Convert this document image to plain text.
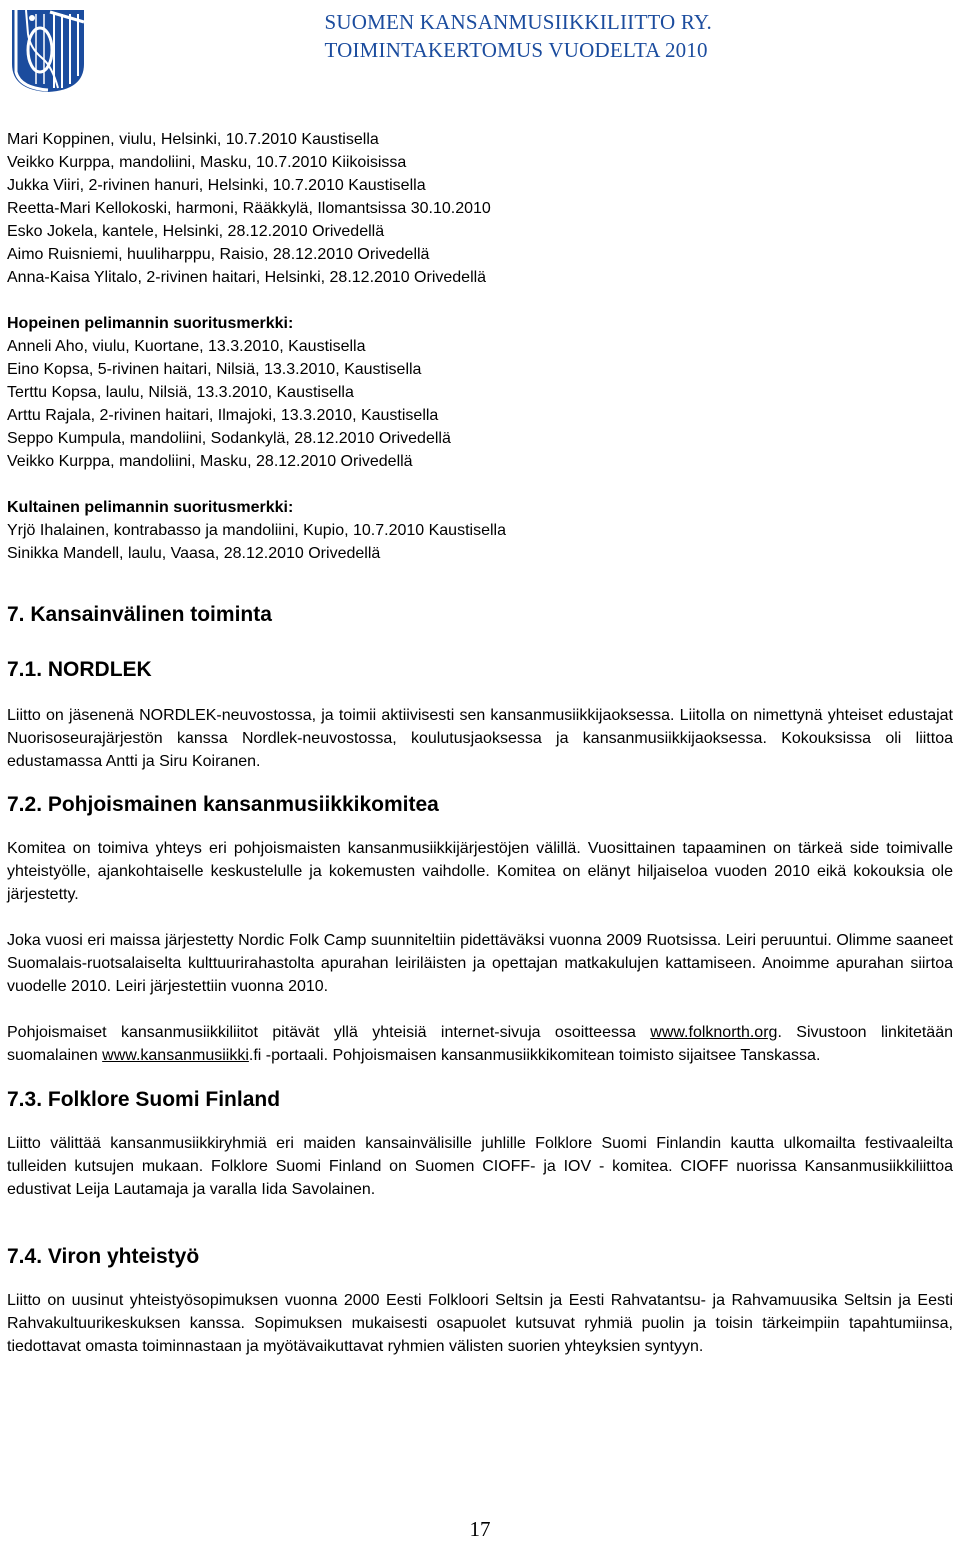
SUOMEN KANSANMUSIIKKILIITTO RY.
TOIMINTAKERTOMUS VUODELTA 2010
Mari Koppinen, viulu, Helsinki, 10.7.2010 Kaustisella
Veikko Kurppa, mandoliini, Masku, 10.7.2010 Kiikoisissa
Jukka Viiri, 2-rivinen hanuri, Helsinki, 10.7.2010 Kaustisella
Reetta-Mari Kellokoski, harmoni, Rääkkylä, Ilomantsissa 30.10.2010
Esko Jokela, kantele, Helsinki, 28.12.2010 Orivedellä
Aimo Ruisniemi, huuliharppu, Raisio, 28.12.2010 Orivedellä
Anna-Kaisa Ylitalo, 2-rivinen haitari, Helsinki, 28.12.2010 Orivedellä
Hopeinen pelimannin suoritusmerkki:
Anneli Aho, viulu, Kuortane, 13.3.2010, Kaustisella
Eino Kopsa, 5-rivinen haitari, Nilsiä, 13.3.2010, Kaustisella
Terttu Kopsa, laulu, Nilsiä, 13.3.2010, Kaustisella
Arttu Rajala, 2-rivinen haitari, Ilmajoki, 13.3.2010, Kaustisella
Seppo Kumpula, mandoliini, Sodankylä, 28.12.2010 Orivedellä
Veikko Kurppa, mandoliini, Masku, 28.12.2010 Orivedellä
Kultainen pelimannin suoritusmerkki:
Yrjö Ihalainen, kontrabasso ja mandoliini, Kupio, 10.7.2010 Kaustisella
Sinikka Mandell, laulu, Vaasa, 28.12.2010 Orivedellä
7. Kansainvälinen toiminta
7.1. NORDLEK

Liitto on jäsenenä NORDLEK-neuvostossa, ja toimii aktiivisesti sen kansanmusiikkijaoksessa. Liitolla on nimettynä yhteiset edustajat Nuorisoseurajärjestön kanssa Nordlek-neuvostossa, koulutusjaoksessa ja kansanmusiikkijaoksessa. Kokouksissa oli liittoa edustamassa Antti ja Siru Koiranen.

7.2. Pohjoismainen kansanmusiikkikomitea

Komitea on toimiva yhteys eri pohjoismaisten kansanmusiikkijärjestöjen välillä. Vuosittainen tapaaminen on tärkeä side toimivalle yhteistyölle, ajankohtaiselle keskustelulle ja kokemusten vaihdolle. Komitea on elänyt hiljaiseloa vuoden 2010 eikä kokouksia ole järjestetty.

Joka vuosi eri maissa järjestetty Nordic Folk Camp suunniteltiin pidettäväksi vuonna 2009 Ruotsissa. Leiri peruuntui. Olimme saaneet Suomalais-ruotsalaiselta kulttuurirahastolta apurahan leiriläisten ja opettajan matkakulujen kattamiseen. Anoimme apurahan siirtoa vuodelle 2010. Leiri järjestettiin vuonna 2010.

Pohjoismaiset kansanmusiikkiliitot pitävät yllä yhteisiä internet-sivuja osoitteessa www.folknorth.org. Sivustoon linkitetään suomalainen www.kansanmusiikki.fi -portaali. Pohjoismaisen kansanmusiikkikomitean toimisto sijaitsee Tanskassa.

7.3. Folklore Suomi Finland

Liitto välittää kansanmusiikkiryhmiä eri maiden kansainvälisille juhlille Folklore Suomi Finlandin kautta ulkomailta festivaaleilta tulleiden kutsujen mukaan. Folklore Suomi Finland on Suomen CIOFF- ja IOV - komitea. CIOFF nuorissa Kansanmusiikkiliittoa edustivat Leija Lautamaja ja varalla Iida Savolainen.

7.4. Viron yhteistyö

Liitto on uusinut yhteistyösopimuksen vuonna 2000 Eesti Folkloori Seltsin ja Eesti Rahvatantsu- ja Rahvamuusika Seltsin ja Eesti Rahvakultuurikeskuksen kanssa. Sopimuksen mukaisesti osapuolet kutsuvat ryhmiä puolin ja toisin tärkeimpiin tapahtumiinsa, tiedottavat omasta toiminnastaan ja myötävaikuttavat ryhmien välisten suorien yhteyksien syntyyn.

17
